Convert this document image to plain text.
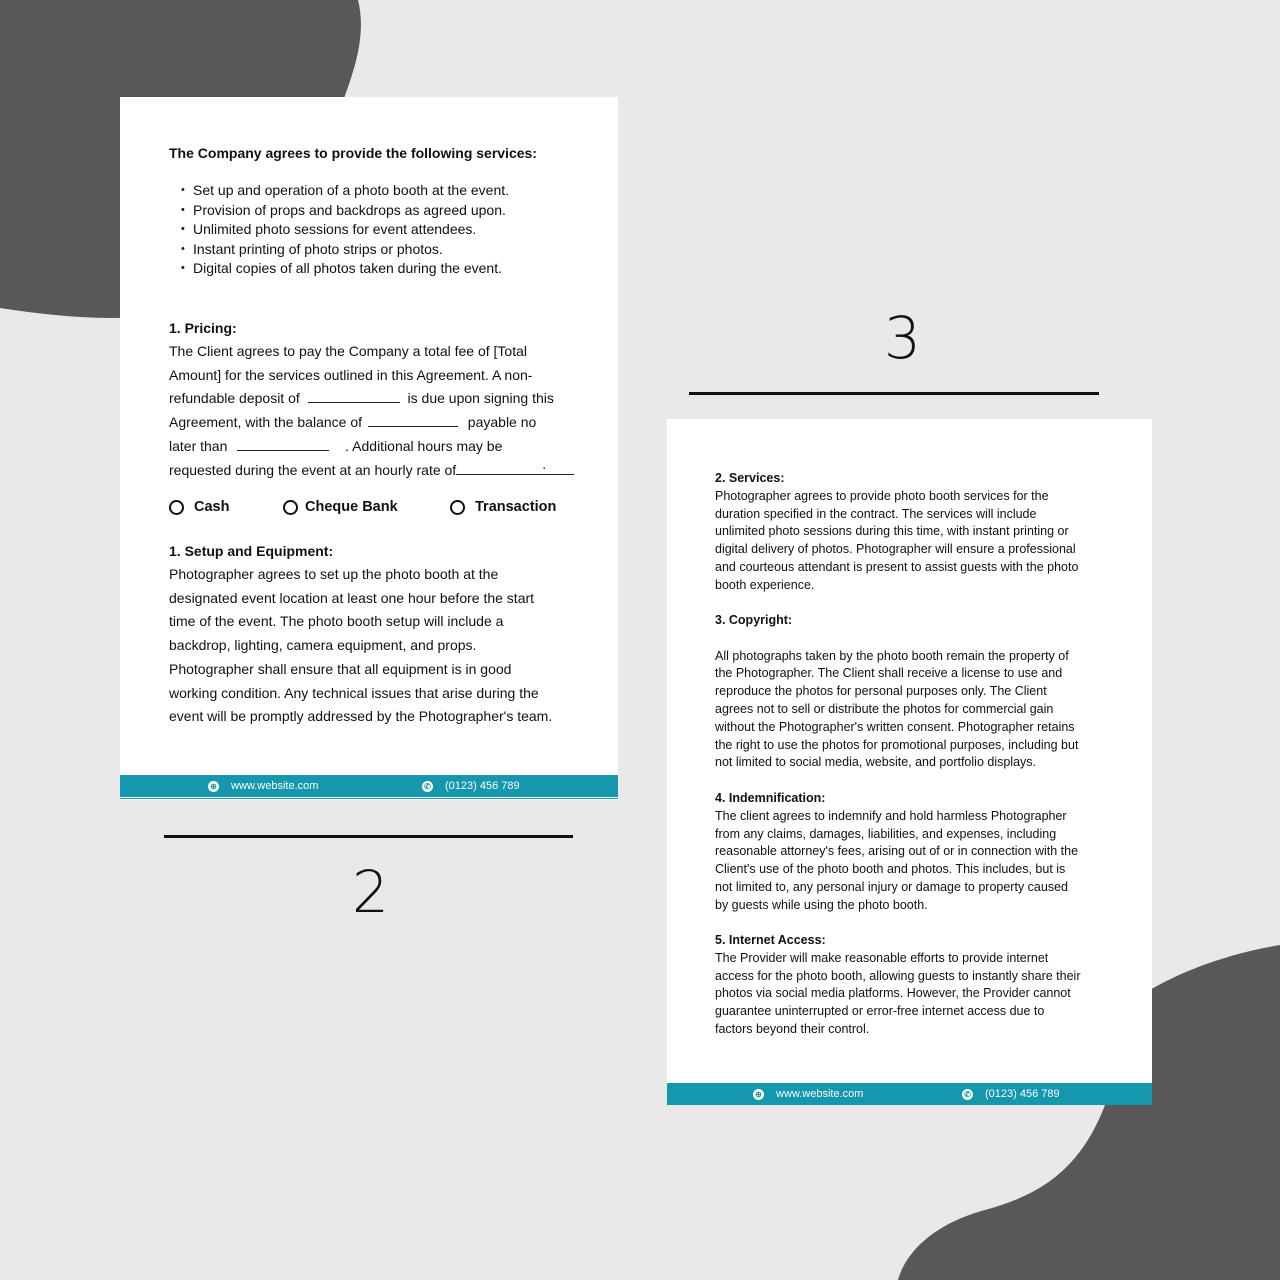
The Company agrees to provide the following services:

• Set up and operation of a photo booth at the event.
• Provision of props and backdrops as agreed upon.
• Unlimited photo sessions for event attendees.
• Instant printing of photo strips or photos.
• Digital copies of all photos taken during the event.

1. Pricing:

The Client agrees to pay the Company a total fee of [Total
Amount] for the services outlined in this Agreement. A non-
refundable deposit of	is due upon signing this
Agreement, with the balance of	payable no
later than	. Additional hours may be
requested during the event at an hourly rate of	.
Cash	Cheque Bank	Transaction

1. Setup and Equipment:

Photographer agrees to set up the photo booth at the
designated event location at least one hour before the start
time of the event. The photo booth setup will include a
backdrop, lighting, camera equipment, and props.
Photographer shall ensure that all equipment is in good
working condition. Any technical issues that arise during the
event will be promptly addressed by the Photographer's team.
⊕ www.website.com	✆ (0123) 456 789
2
3
2. Services:
Photographer agrees to provide photo booth services for the
duration specified in the contract. The services will include
unlimited photo sessions during this time, with instant printing or
digital delivery of photos. Photographer will ensure a professional
and courteous attendant is present to assist guests with the photo
booth experience.
3. Copyright:
All photographs taken by the photo booth remain the property of
the Photographer. The Client shall receive a license to use and
reproduce the photos for personal purposes only. The Client
agrees not to sell or distribute the photos for commercial gain
without the Photographer's written consent. Photographer retains
the right to use the photos for promotional purposes, including but
not limited to social media, website, and portfolio displays.
4. Indemnification:
The client agrees to indemnify and hold harmless Photographer
from any claims, damages, liabilities, and expenses, including
reasonable attorney's fees, arising out of or in connection with the
Client's use of the photo booth and photos. This includes, but is
not limited to, any personal injury or damage to property caused
by guests while using the photo booth.
5. Internet Access:
The Provider will make reasonable efforts to provide internet
access for the photo booth, allowing guests to instantly share their
photos via social media platforms. However, the Provider cannot
guarantee uninterrupted or error-free internet access due to
factors beyond their control.
⊕ www.website.com	✆ (0123) 456 789
